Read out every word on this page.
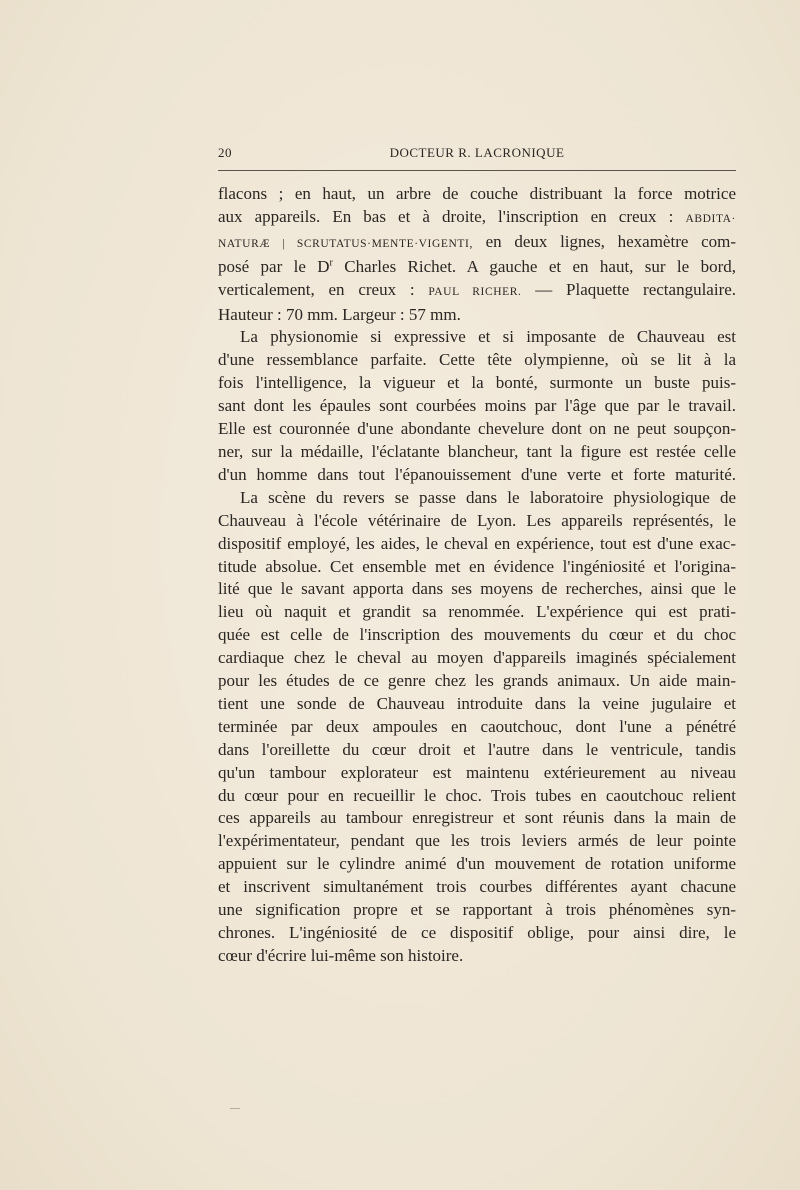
20	DOCTEUR R. LACRONIQUE
flacons ; en haut, un arbre de couche distribuant la force motrice
aux appareils. En bas et à droite, l'inscription en creux : ABDITA·
NATURÆ | SCRUTATUS·MENTE·VIGENTI, en deux lignes, hexamètre com-
posé par le $D^r$ Charles Richet. A gauche et en haut, sur le bord,
verticalement, en creux : PAUL RICHER. — Plaquette rectangulaire.
Hauteur : 70 mm. Largeur : 57 mm.
La physionomie si expressive et si imposante de Chauveau est
d'une ressemblance parfaite. Cette tête olympienne, où se lit à la
fois l'intelligence, la vigueur et la bonté, surmonte un buste puis-
sant dont les épaules sont courbées moins par l'âge que par le travail.
Elle est couronnée d'une abondante chevelure dont on ne peut soupçon-
ner, sur la médaille, l'éclatante blancheur, tant la figure est restée celle
d'un homme dans tout l'épanouissement d'une verte et forte maturité.
La scène du revers se passe dans le laboratoire physiologique de
Chauveau à l'école vétérinaire de Lyon. Les appareils représentés, le
dispositif employé, les aides, le cheval en expérience, tout est d'une exac-
titude absolue. Cet ensemble met en évidence l'ingéniosité et l'origina-
lité que le savant apporta dans ses moyens de recherches, ainsi que le
lieu où naquit et grandit sa renommée. L'expérience qui est prati-
quée est celle de l'inscription des mouvements du cœur et du choc
cardiaque chez le cheval au moyen d'appareils imaginés spécialement
pour les études de ce genre chez les grands animaux. Un aide main-
tient une sonde de Chauveau introduite dans la veine jugulaire et
terminée par deux ampoules en caoutchouc, dont l'une a pénétré
dans l'oreillette du cœur droit et l'autre dans le ventricule, tandis
qu'un tambour explorateur est maintenu extérieurement au niveau
du cœur pour en recueillir le choc. Trois tubes en caoutchouc relient
ces appareils au tambour enregistreur et sont réunis dans la main de
l'expérimentateur, pendant que les trois leviers armés de leur pointe
appuient sur le cylindre animé d'un mouvement de rotation uniforme
et inscrivent simultanément trois courbes différentes ayant chacune
une signification propre et se rapportant à trois phénomènes syn-
chrones. L'ingéniosité de ce dispositif oblige, pour ainsi dire, le
cœur d'écrire lui-même son histoire.
